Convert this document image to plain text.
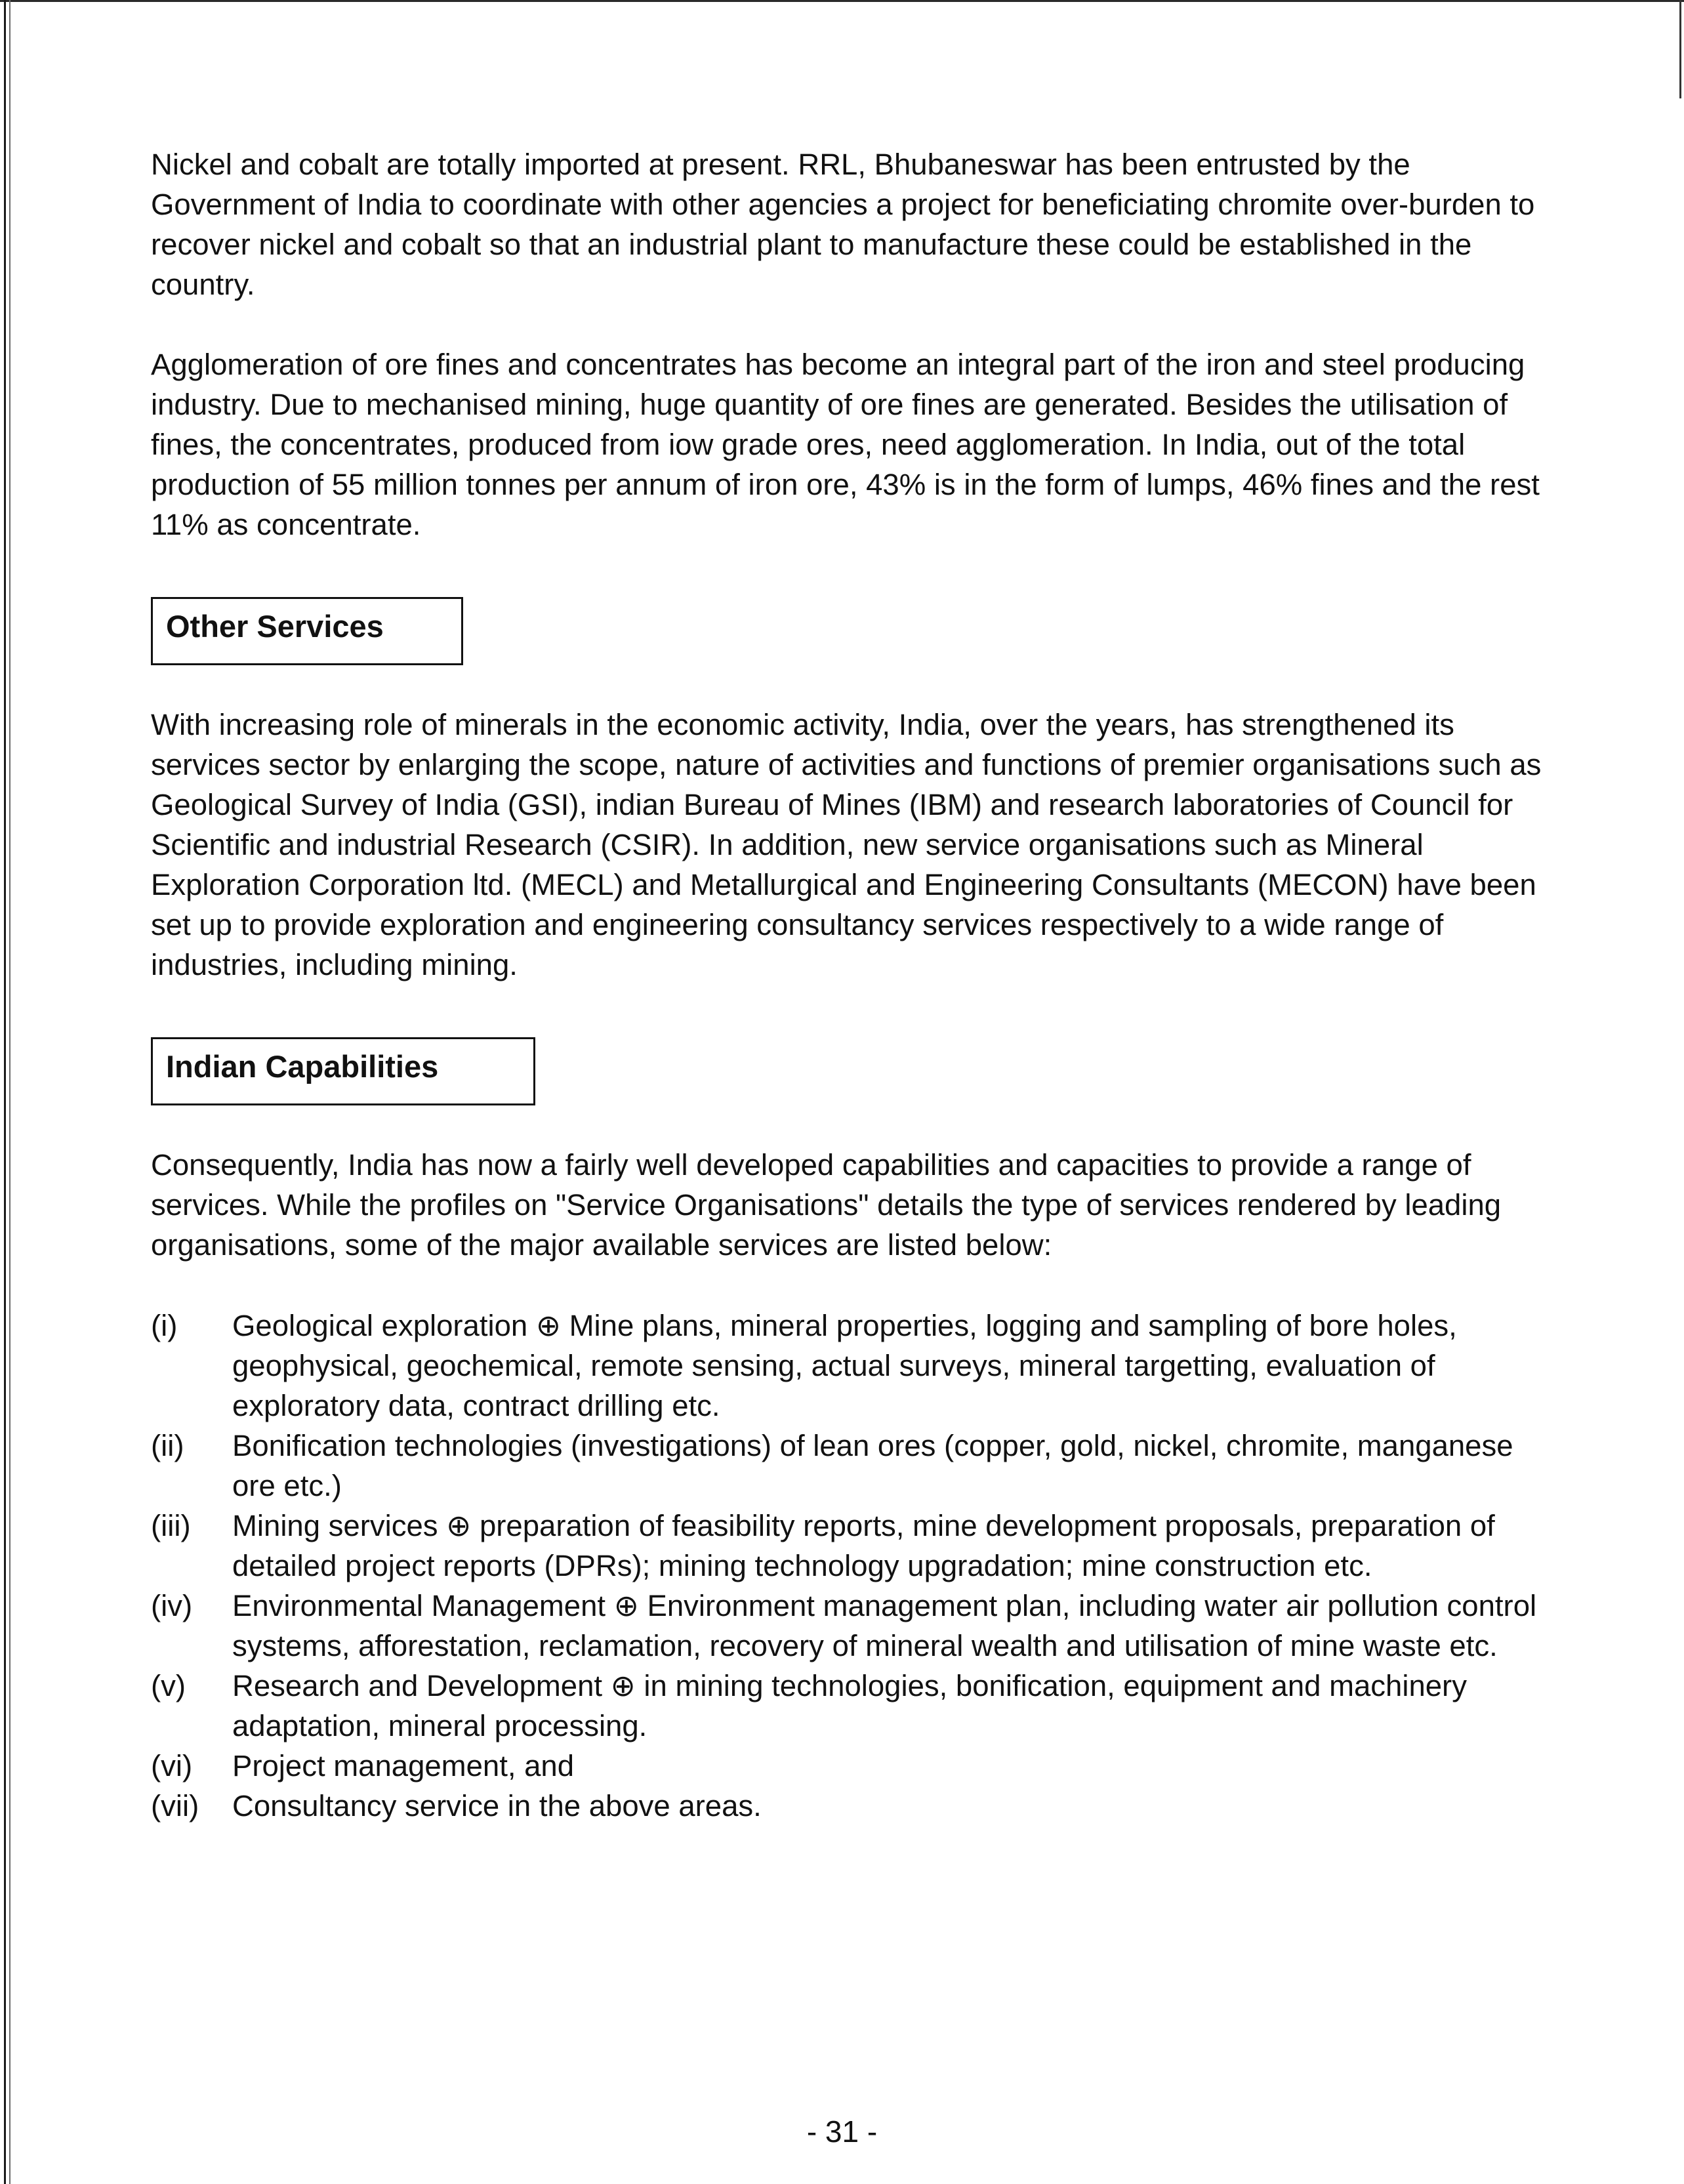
Nickel and cobalt are totally imported at present. RRL, Bhubaneswar has been entrusted by the Government of India to coordinate with other agencies a project for beneficiating chromite over-burden to recover nickel and cobalt so that an industrial plant to manufacture these could be established in the country.

Agglomeration of ore fines and concentrates has become an integral part of the iron and steel producing industry. Due to mechanised mining, huge quantity of ore fines are generated. Besides the utilisation of fines, the concentrates, produced from iow grade ores, need agglomeration. In India, out of the total production of 55 million tonnes per annum of iron ore, 43% is in the form of lumps, 46% fines and the rest 11% as concentrate.

Other Services

With increasing role of minerals in the economic activity, India, over the years, has strengthened its services sector by enlarging the scope, nature of activities and functions of premier organisations such as Geological Survey of India (GSI), indian Bureau of Mines (IBM) and research laboratories of Council for Scientific and industrial Research (CSIR). In addition, new service organisations such as Mineral Exploration Corporation ltd. (MECL) and Metallurgical and Engineering Consultants (MECON) have been set up to provide exploration and engineering consultancy services respectively to a wide range of industries, including mining.

Indian Capabilities

Consequently, India has now a fairly well developed capabilities and capacities to provide a range of services. While the profiles on "Service Organisations" details the type of services rendered by leading organisations, some of the major available services are listed below:

(i)	Geological exploration ⊕ Mine plans, mineral properties, logging and sampling of bore holes, geophysical, geochemical, remote sensing, actual surveys, mineral targetting, evaluation of exploratory data, contract drilling etc.
(ii)	Bonification technologies (investigations) of lean ores (copper, gold, nickel, chromite, manganese ore etc.)
(iii)	Mining services ⊕ preparation of feasibility reports, mine development proposals, preparation of detailed project reports (DPRs); mining technology upgradation; mine construction etc.
(iv)	Environmental Management ⊕ Environment management plan, including water air pollution control systems, afforestation, reclamation, recovery of mineral wealth and utilisation of mine waste etc.
(v)	Research and Development ⊕ in mining technologies, bonification, equipment and machinery adaptation, mineral processing.
(vi)	Project management, and
(vii)	Consultancy service in the above areas.
- 31 -
